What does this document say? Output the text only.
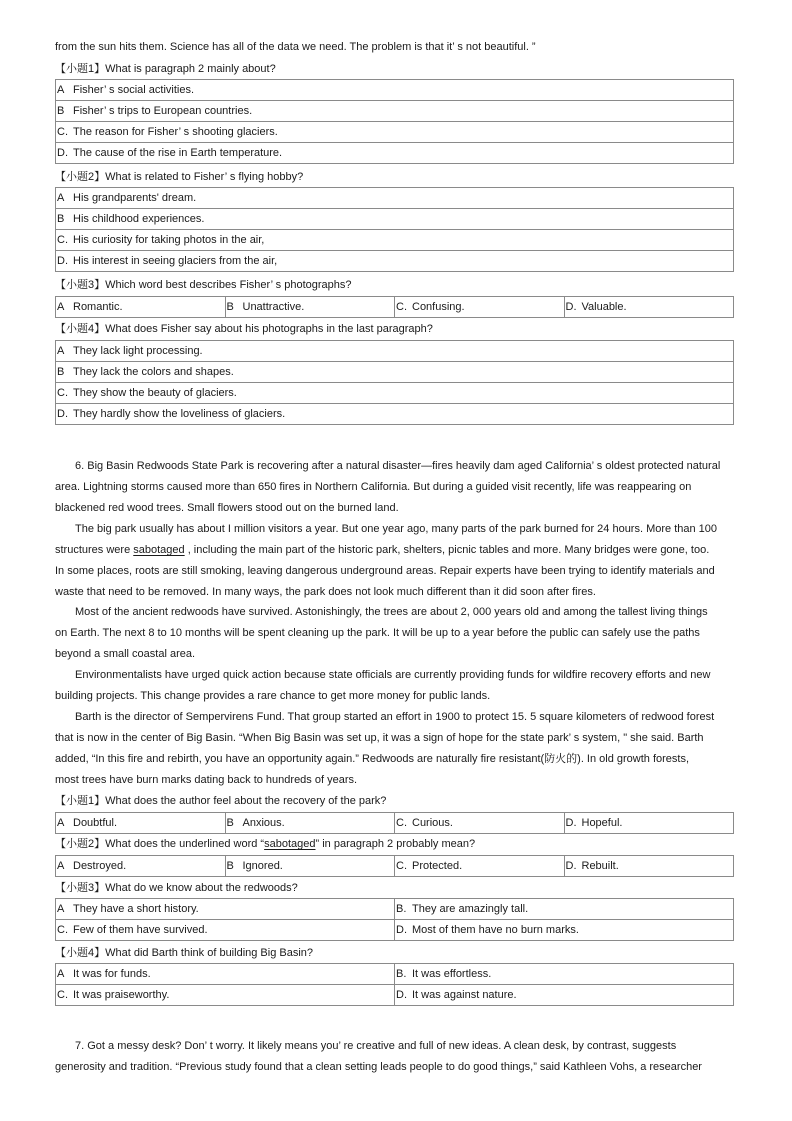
from the sun hits them. Science has all of the data we need. The problem is that it’ s not beautiful. ”
【小题1】What is paragraph 2 mainly about?
A Fisher’ s social activities.
B Fisher’ s trips to European countries.
C. The reason for Fisher’ s shooting glaciers.
D. The cause of the rise in Earth temperature.
【小题2】What is related to Fisher’ s flying hobby?
A His grandparents' dream.
B His childhood experiences.
C. His curiosity for taking photos in the air,
D. His interest in seeing glaciers from the air,
【小题3】Which word best describes Fisher’ s photographs?
A Romantic.	B Unattractive.	C. Confusing.	D. Valuable.
【小题4】What does Fisher say about his photographs in the last paragraph?
A They lack light processing.
B They lack the colors and shapes.
C. They show the beauty of glaciers.
D. They hardly show the loveliness of glaciers.
6. Big Basin Redwoods State Park is recovering after a natural disaster—fires heavily dam aged California’ s oldest protected natural
area. Lightning storms caused more than 650 fires in Northern California. But during a guided visit recently, life was reappearing on
blackened red wood trees. Small flowers stood out on the burned land.
The big park usually has about I million visitors a year. But one year ago, many parts of the park burned for 24 hours. More than 100
structures were sabotaged , including the main part of the historic park, shelters, picnic tables and more. Many bridges were gone, too.
In some places, roots are still smoking, leaving dangerous underground areas. Repair experts have been trying to identify materials and
waste that need to be removed. In many ways, the park does not look much different than it did soon after fires.
Most of the ancient redwoods have survived. Astonishingly, the trees are about 2, 000 years old and among the tallest living things
on Earth. The next 8 to 10 months will be spent cleaning up the park. It will be up to a year before the public can safely use the paths
beyond a small coastal area.
Environmentalists have urged quick action because state officials are currently providing funds for wildfire recovery efforts and new
building projects. This change provides a rare chance to get more money for public lands.
Barth is the director of Sempervirens Fund. That group started an effort in 1900 to protect 15. 5 square kilometers of redwood forest
that is now in the center of Big Basin. “When Big Basin was set up, it was a sign of hope for the state park’ s system, " she said. Barth
added, “In this fire and rebirth, you have an opportunity again.” Redwoods are naturally fire resistant(防火的). In old growth forests,
most trees have burn marks dating back to hundreds of years.
【小题1】What does the author feel about the recovery of the park?
A Doubtful.	B Anxious.	C. Curious.	D. Hopeful.
【小题2】What does the underlined word “sabotaged” in paragraph 2 probably mean?
A Destroyed.	B Ignored.	C. Protected.	D. Rebuilt.
【小题3】What do we know about the redwoods?
A They have a short history.	B. They are amazingly tall.
C. Few of them have survived.	D. Most of them have no burn marks.
【小题4】What did Barth think of building Big Basin?
A It was for funds.	B. It was effortless.
C. It was praiseworthy.	D. It was against nature.
7. Got a messy desk? Don’ t worry. It likely means you’ re creative and full of new ideas. A clean desk, by contrast, suggests
generosity and tradition. “Previous study found that a clean setting leads people to do good things,” said Kathleen Vohs, a researcher
